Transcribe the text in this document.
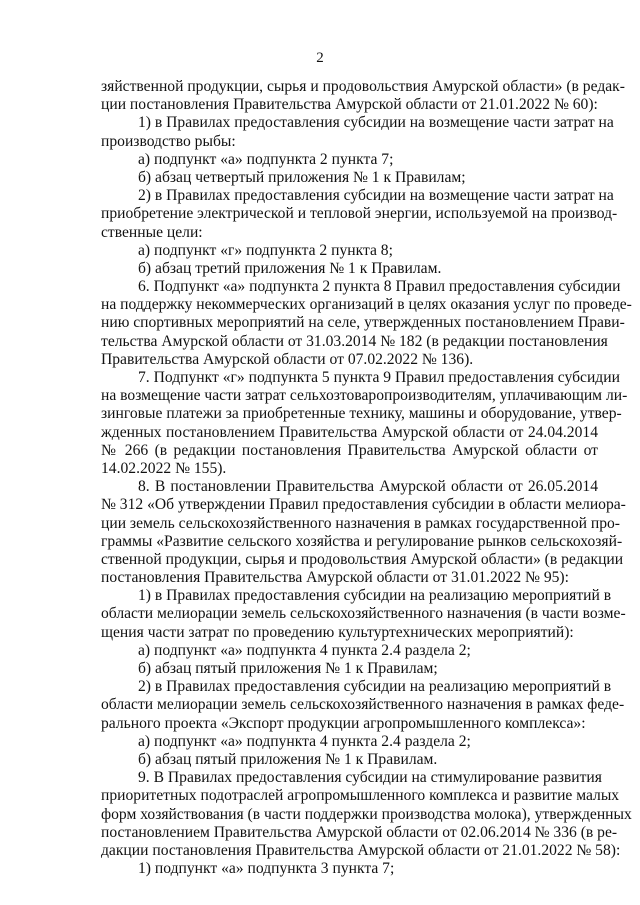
2
зяйственной продукции, сырья и продовольствия Амурской области» (в редак-
ции постановления Правительства Амурской области от 21.01.2022 № 60):
1) в Правилах предоставления субсидии на возмещение части затрат на
производство рыбы:
а) подпункт «а» подпункта 2 пункта 7;
б) абзац четвертый приложения № 1 к Правилам;
2) в Правилах предоставления субсидии на возмещение части затрат на
приобретение электрической и тепловой энергии, используемой на производ-
ственные цели:
а) подпункт «г» подпункта 2 пункта 8;
б) абзац третий приложения № 1 к Правилам.
6. Подпункт «а» подпункта 2 пункта 8 Правил предоставления субсидии
на поддержку некоммерческих организаций в целях оказания услуг по проведе-
нию спортивных мероприятий на селе, утвержденных постановлением Прави-
тельства Амурской области от 31.03.2014 № 182 (в редакции постановления
Правительства Амурской области от 07.02.2022 № 136).
7. Подпункт «г» подпункта 5 пункта 9 Правил предоставления субсидии
на возмещение части затрат сельхозтоваропроизводителям, уплачивающим ли-
зинговые платежи за приобретенные технику, машины и оборудование, утвер-
жденных постановлением Правительства Амурской области от 24.04.2014
№ 266 (в редакции постановления Правительства Амурской области от
14.02.2022 № 155).
8. В постановлении Правительства Амурской области от 26.05.2014
№ 312 «Об утверждении Правил предоставления субсидии в области мелиора-
ции земель сельскохозяйственного назначения в рамках государственной про-
граммы «Развитие сельского хозяйства и регулирование рынков сельскохозяй-
ственной продукции, сырья и продовольствия Амурской области» (в редакции
постановления Правительства Амурской области от 31.01.2022 № 95):
1) в Правилах предоставления субсидии на реализацию мероприятий в
области мелиорации земель сельскохозяйственного назначения (в части возме-
щения части затрат по проведению культуртехнических мероприятий):
а) подпункт «а» подпункта 4 пункта 2.4 раздела 2;
б) абзац пятый приложения № 1 к Правилам;
2) в Правилах предоставления субсидии на реализацию мероприятий в
области мелиорации земель сельскохозяйственного назначения в рамках феде-
рального проекта «Экспорт продукции агропромышленного комплекса»:
а) подпункт «а» подпункта 4 пункта 2.4 раздела 2;
б) абзац пятый приложения № 1 к Правилам.
9. В Правилах предоставления субсидии на стимулирование развития
приоритетных подотраслей агропромышленного комплекса и развитие малых
форм хозяйствования (в части поддержки производства молока), утвержденных
постановлением Правительства Амурской области от 02.06.2014 № 336 (в ре-
дакции постановления Правительства Амурской области от 21.01.2022 № 58):
1) подпункт «а» подпункта 3 пункта 7;
